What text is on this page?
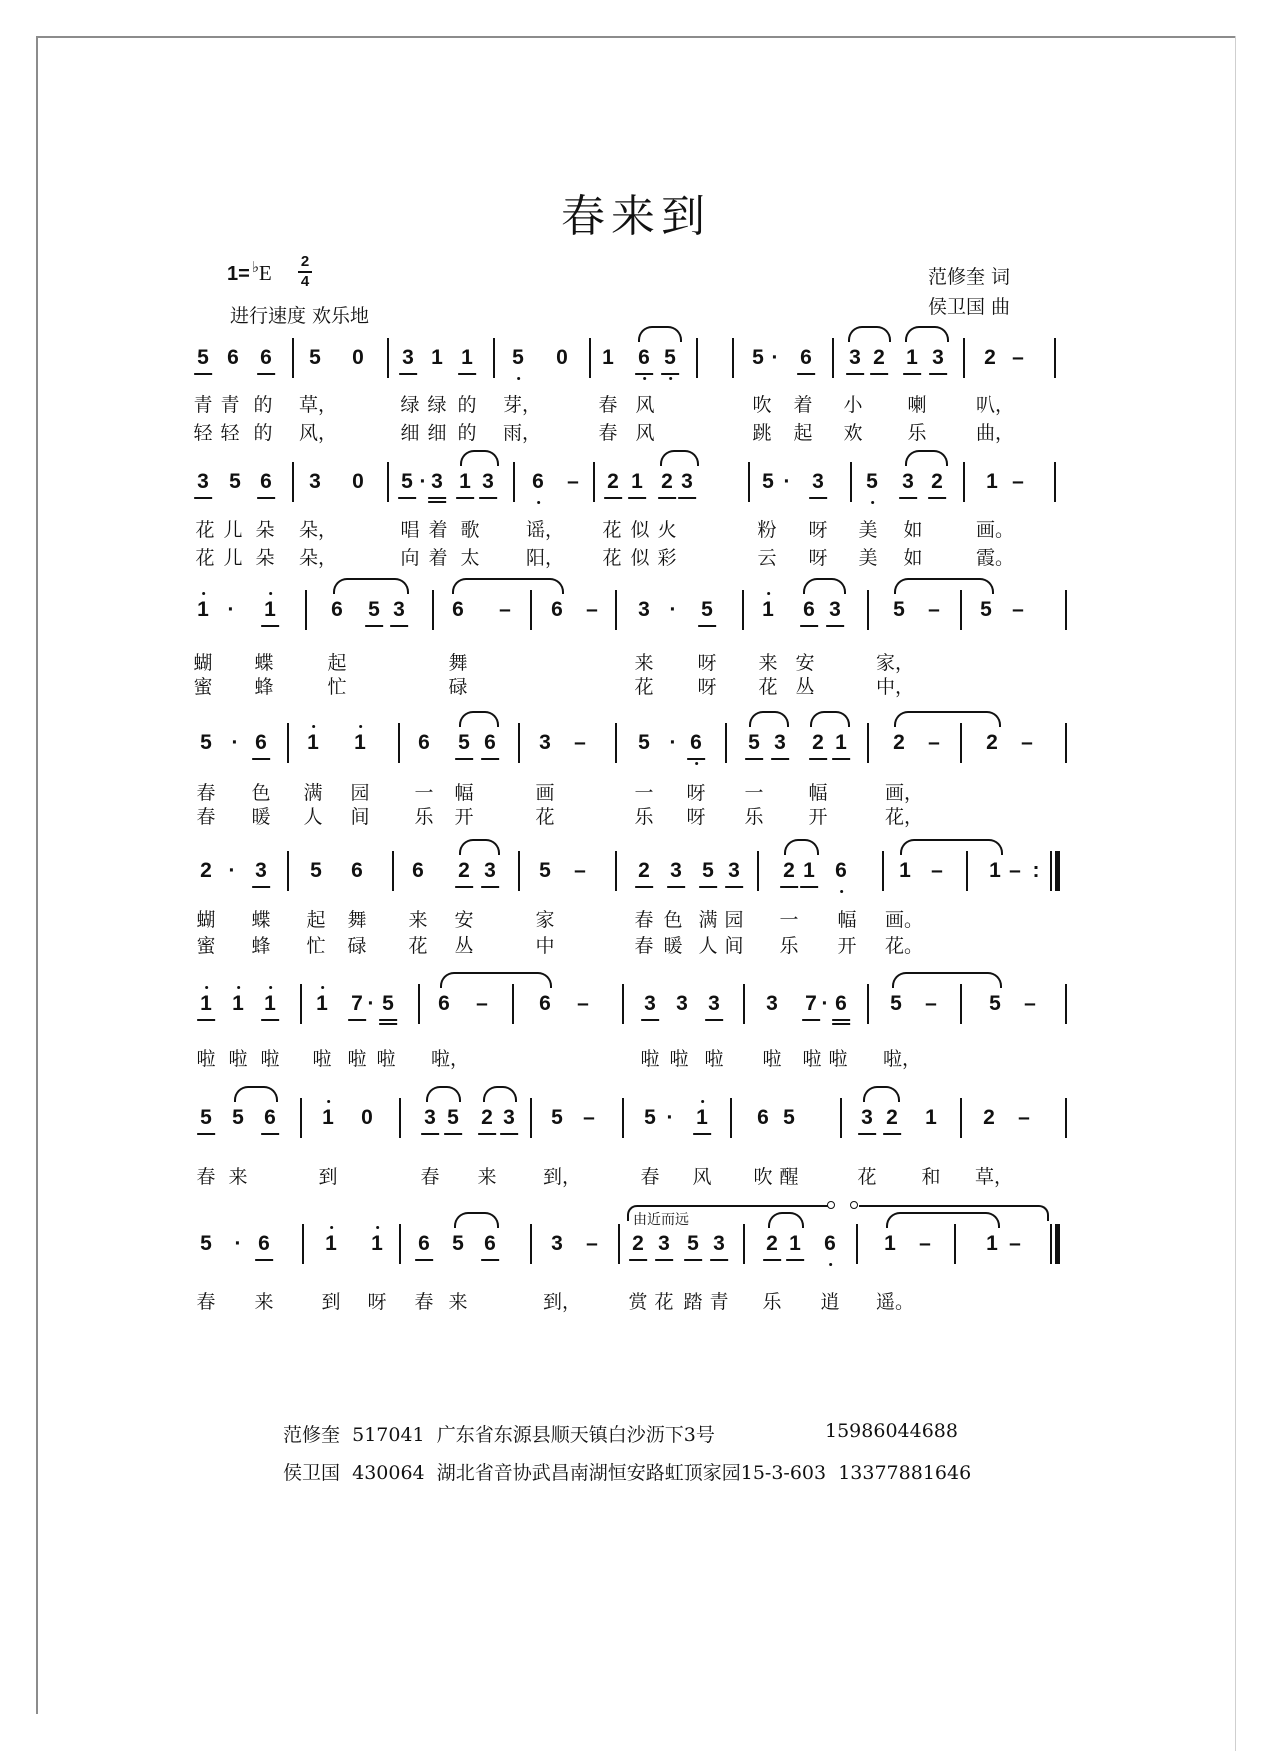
春来到
1= ♭E 2
4
进行速度 欢乐地
范修奎 词
侯卫国 曲
5 6 6 5 0 3 1 1 5 0 1 6 5	5 · 6 3 2 1 3 2 –
青 青 的 草，	绿 绿 的 芽，	春 风	吹 着 小 喇	叭，
轻 轻 的 风，	细 细 的 雨，	春 风	跳 起 欢 乐	曲，
3 5 6 3 0 5 · 3 1 3 6 – 2 1 2 3	5 · 3 5 3 2 1 –
花 儿 朵 朵，	唱 着 歌 谣， 花 似 火	粉 呀 美 如	画。
花 儿 朵 朵，	向 着 太 阳， 花 似 彩	云 呀 美 如	霞。
1 · 1	6 5 3 6 – 6 – 3 · 5 1 6 3 5 – 5 –
蝴 蝶	起	舞	来 呀 来 安	家，
蜜 蜂	忙	碌	花 呀 花 丛	中，
5 · 6 1 1 6 5 6 3 – 5 · 6 5 3 2 1 2 – 2 –
春 色 满 园 一 幅	画	一 呀 一 幅	画，
春 暖 人 间 乐 开	花	乐 呀 乐 开	花，
2 · 3 5 6 6 2 3 5 – 2 3 5 3 2 1 6 1 – 1 – :
蝴 蝶 起 舞 来 安	家	春 色 满 园 一 幅 画。
蜜 蜂 忙 碌 花 丛	中	春 暖 人 间 乐 开 花。
1 1 1 1 7 · 5 6 – 6 –	3 3 3 3 7 · 6 5 – 5 –
啦 啦 啦 啦 啦 啦 啦，	啦 啦 啦 啦 啦 啦 啦，
5 5 6 1 0 3 5 2 3 5 – 5 · 1 6 5	3 2 1 2 –
春 来	到	春 来 到，	春 风 吹 醒	花 和 草，
5 · 6	1 1 6 5 6	3 – 2 3 5 3 2 1 6 1 –	1 –
由近而远
春 来	到 呀 春 来	到， 赏 花 踏 青 乐 逍 遥。
范修奎 517041 广东省东源县顺天镇白沙沥下3号	15986044688
侯卫国 430064 湖北省音协武昌南湖恒安路虹顶家园15-3-603 13377881646
